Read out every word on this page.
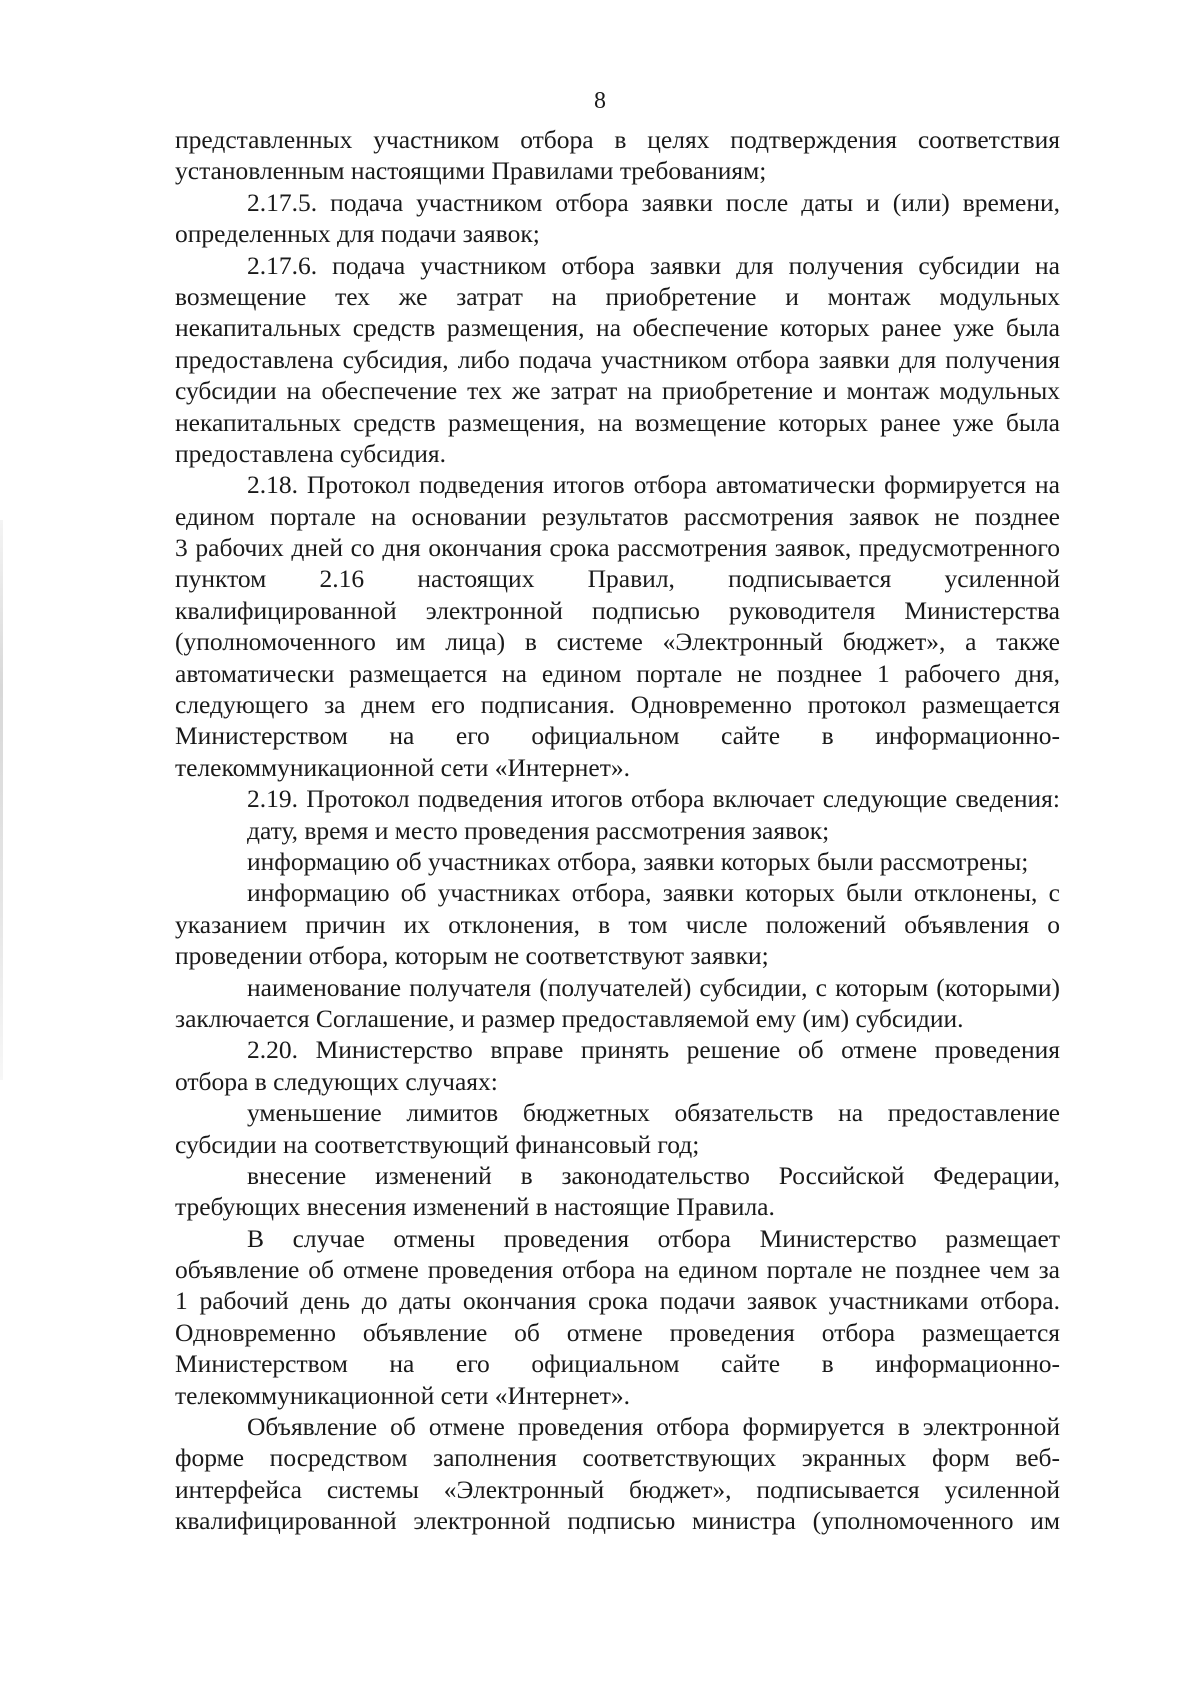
8
представленных участником отбора в целях подтверждения соответствия
установленным настоящими Правилами требованиям;
2.17.5. подача участником отбора заявки после даты и (или) времени,
определенных для подачи заявок;
2.17.6. подача участником отбора заявки для получения субсидии на
возмещение тех же затрат на приобретение и монтаж модульных
некапитальных средств размещения, на обеспечение которых ранее уже была
предоставлена субсидия, либо подача участником отбора заявки для получения
субсидии на обеспечение тех же затрат на приобретение и монтаж модульных
некапитальных средств размещения, на возмещение которых ранее уже была
предоставлена субсидия.
2.18. Протокол подведения итогов отбора автоматически формируется на
едином портале на основании результатов рассмотрения заявок не позднее
3 рабочих дней со дня окончания срока рассмотрения заявок, предусмотренного
пунктом 2.16 настоящих Правил, подписывается усиленной
квалифицированной электронной подписью руководителя Министерства
(уполномоченного им лица) в системе «Электронный бюджет», а также
автоматически размещается на едином портале не позднее 1 рабочего дня,
следующего за днем его подписания. Одновременно протокол размещается
Министерством на его официальном сайте в информационно-
телекоммуникационной сети «Интернет».
2.19. Протокол подведения итогов отбора включает следующие сведения:
дату, время и место проведения рассмотрения заявок;
информацию об участниках отбора, заявки которых были рассмотрены;
информацию об участниках отбора, заявки которых были отклонены, с
указанием причин их отклонения, в том числе положений объявления о
проведении отбора, которым не соответствуют заявки;
наименование получателя (получателей) субсидии, с которым (которыми)
заключается Соглашение, и размер предоставляемой ему (им) субсидии.
2.20. Министерство вправе принять решение об отмене проведения
отбора в следующих случаях:
уменьшение лимитов бюджетных обязательств на предоставление
субсидии на соответствующий финансовый год;
внесение изменений в законодательство Российской Федерации,
требующих внесения изменений в настоящие Правила.
В случае отмены проведения отбора Министерство размещает
объявление об отмене проведения отбора на едином портале не позднее чем за
1 рабочий день до даты окончания срока подачи заявок участниками отбора.
Одновременно объявление об отмене проведения отбора размещается
Министерством на его официальном сайте в информационно-
телекоммуникационной сети «Интернет».
Объявление об отмене проведения отбора формируется в электронной
форме посредством заполнения соответствующих экранных форм веб-
интерфейса системы «Электронный бюджет», подписывается усиленной
квалифицированной электронной подписью министра (уполномоченного им
